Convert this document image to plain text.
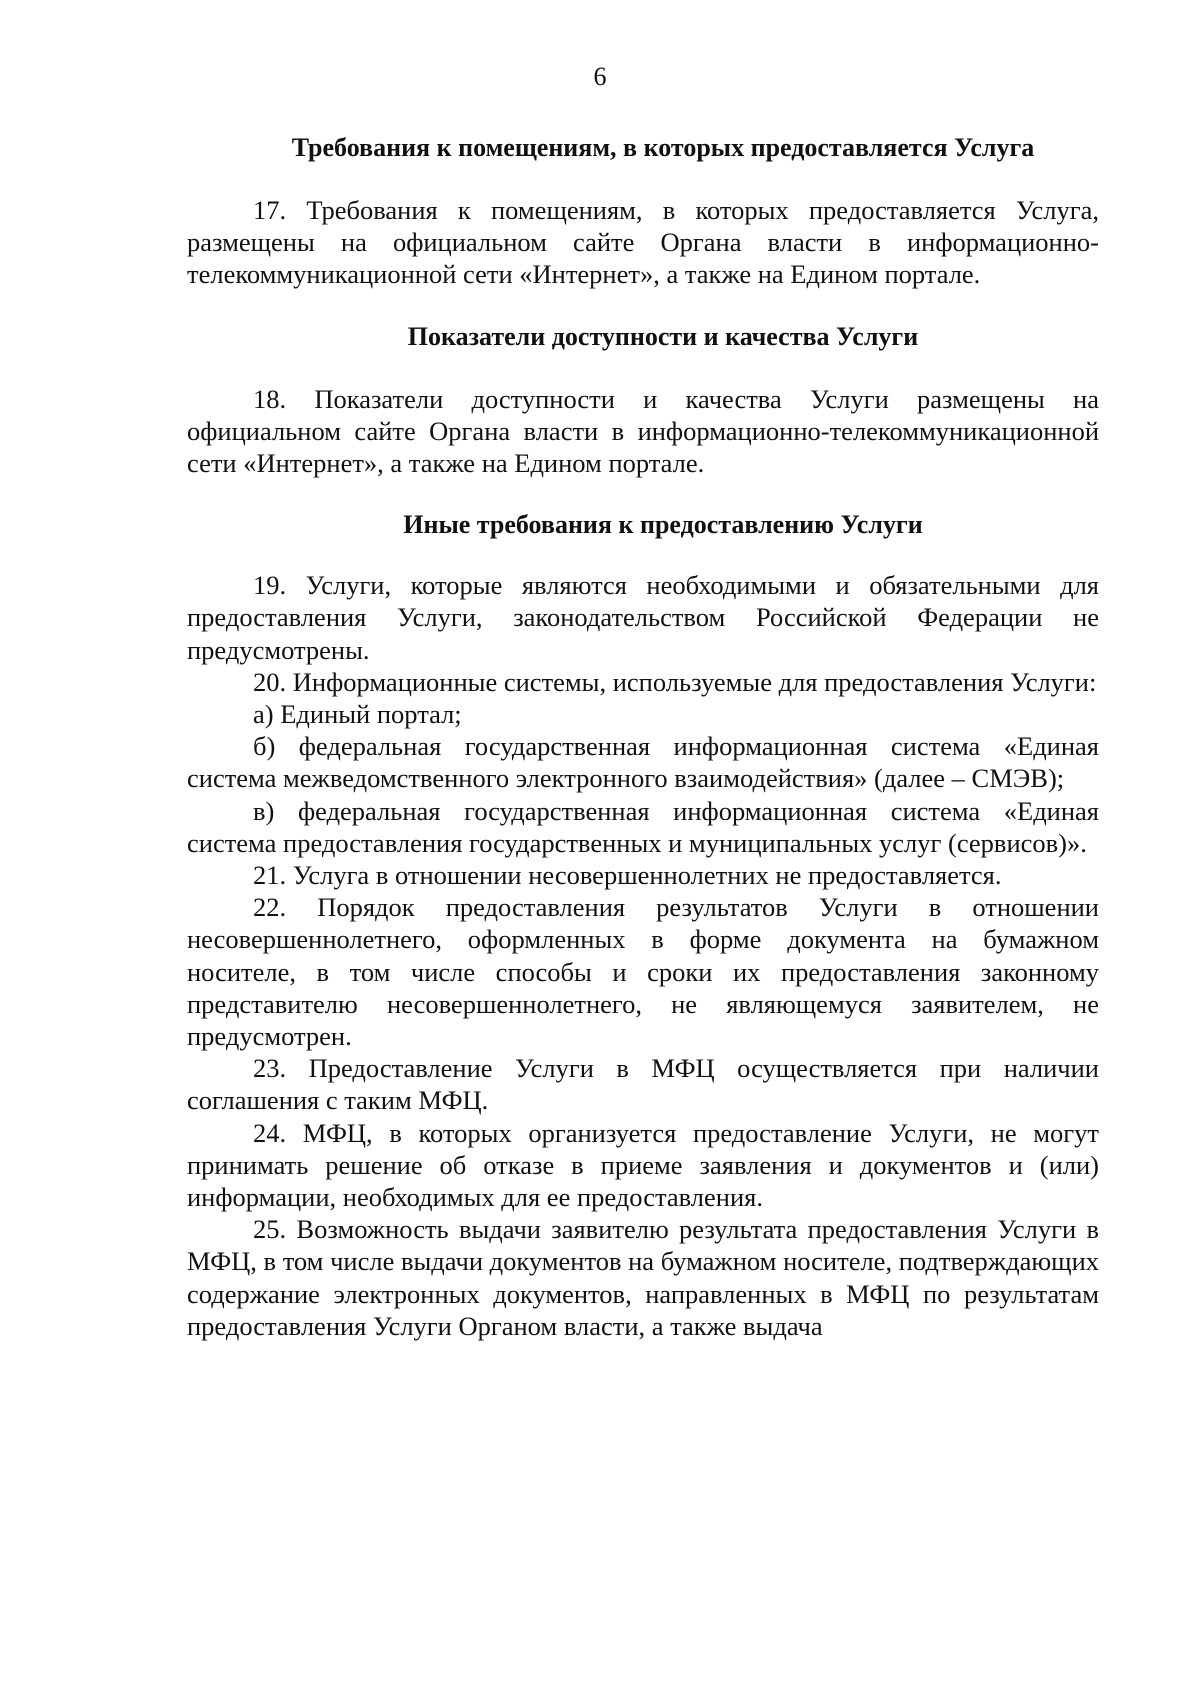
6
Требования к помещениям, в которых предоставляется Услуга

17. Требования к помещениям, в которых предоставляется Услуга, размещены на официальном сайте Органа власти в информационно-телекоммуникационной сети «Интернет», а также на Едином портале.

Показатели доступности и качества Услуги

18. Показатели доступности и качества Услуги размещены на официальном сайте Органа власти в информационно-телекоммуникационной сети «Интернет», а также на Едином портале.

Иные требования к предоставлению Услуги

19. Услуги, которые являются необходимыми и обязательными для предоставления Услуги, законодательством Российской Федерации не предусмотрены.

20. Информационные системы, используемые для предоставления Услуги:

а) Единый портал;

б) федеральная государственная информационная система «Единая система межведомственного электронного взаимодействия» (далее – СМЭВ);

в) федеральная государственная информационная система «Единая система предоставления государственных и муниципальных услуг (сервисов)».

21. Услуга в отношении несовершеннолетних не предоставляется.

22. Порядок предоставления результатов Услуги в отношении несовершеннолетнего, оформленных в форме документа на бумажном носителе, в том числе способы и сроки их предоставления законному представителю несовершеннолетнего, не являющемуся заявителем, не предусмотрен.

23. Предоставление Услуги в МФЦ осуществляется при наличии соглашения с таким МФЦ.

24. МФЦ, в которых организуется предоставление Услуги, не могут принимать решение об отказе в приеме заявления и документов и (или) информации, необходимых для ее предоставления.

25. Возможность выдачи заявителю результата предоставления Услуги в МФЦ, в том числе выдачи документов на бумажном носителе, подтверждающих содержание электронных документов, направленных в МФЦ по результатам предоставления Услуги Органом власти, а также выдача
